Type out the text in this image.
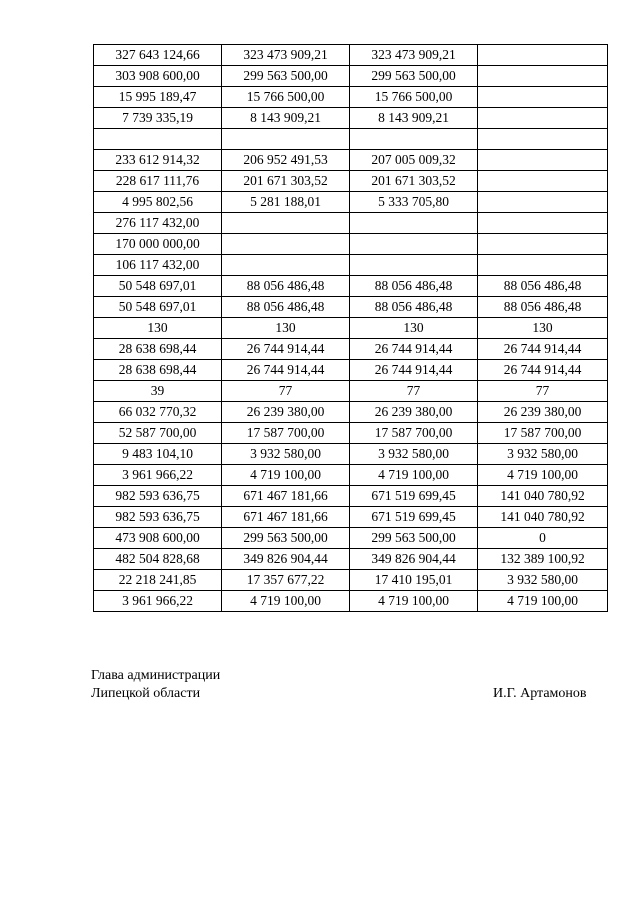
327 643 124,66	323 473 909,21	323 473 909,21	
303 908 600,00	299 563 500,00	299 563 500,00	
15 995 189,47	15 766 500,00	15 766 500,00	
7 739 335,19	8 143 909,21	8 143 909,21	

233 612 914,32	206 952 491,53	207 005 009,32	
228 617 111,76	201 671 303,52	201 671 303,52	
4 995 802,56	5 281 188,01	5 333 705,80	
276 117 432,00			
170 000 000,00			
106 117 432,00			
50 548 697,01	88 056 486,48	88 056 486,48	88 056 486,48
50 548 697,01	88 056 486,48	88 056 486,48	88 056 486,48
130	130	130	130
28 638 698,44	26 744 914,44	26 744 914,44	26 744 914,44
28 638 698,44	26 744 914,44	26 744 914,44	26 744 914,44
39	77	77	77
66 032 770,32	26 239 380,00	26 239 380,00	26 239 380,00
52 587 700,00	17 587 700,00	17 587 700,00	17 587 700,00
9 483 104,10	3 932 580,00	3 932 580,00	3 932 580,00
3 961 966,22	4 719 100,00	4 719 100,00	4 719 100,00
982 593 636,75	671 467 181,66	671 519 699,45	141 040 780,92
982 593 636,75	671 467 181,66	671 519 699,45	141 040 780,92
473 908 600,00	299 563 500,00	299 563 500,00	0
482 504 828,68	349 826 904,44	349 826 904,44	132 389 100,92
22 218 241,85	17 357 677,22	17 410 195,01	3 932 580,00
3 961 966,22	4 719 100,00	4 719 100,00	4 719 100,00
Глава администрации
Липецкой области	И.Г. Артамонов
